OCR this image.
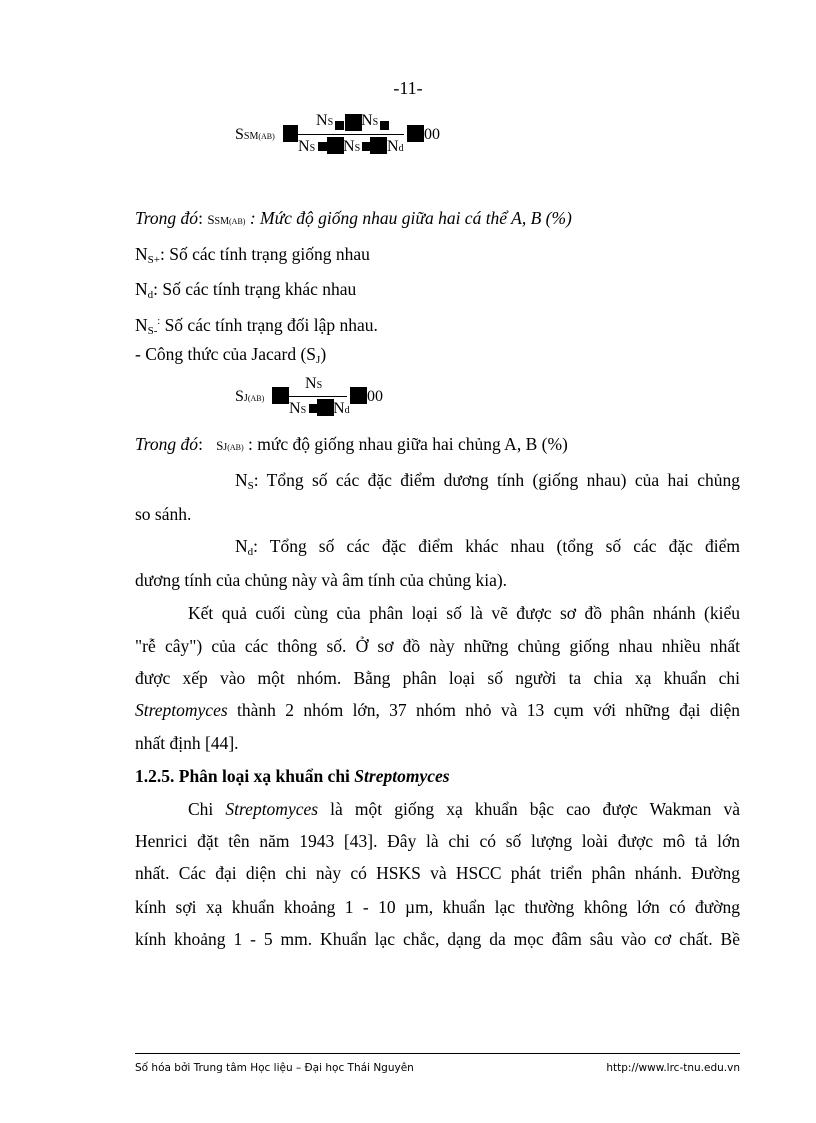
-11-
SSM(AB)
NS NS
NS NS Nd
00
Trong đó: SSM(AB) : Mức độ giống nhau giữa hai cá thể A, B (%)
$N_{S+}$: Số các tính trạng giống nhau
$N_d$: Số các tính trạng khác nhau
$N_{S-}^:$ Số các tính trạng đối lập nhau.
- Công thức của Jacard $(S_J)$
SJ(AB)
NS
NS Nd
00
Trong đó: SJ(AB) : mức độ giống nhau giữa hai chủng A, B (%)
$N_S$: Tổng số các đặc điểm dương tính (giống nhau) của hai chủng
so sánh.
$N_d$: Tổng số các đặc điểm khác nhau (tổng số các đặc điểm
dương tính của chủng này và âm tính của chủng kia).
Kết quả cuối cùng của phân loại số là vẽ được sơ đồ phân nhánh (kiểu
"rễ cây") của các thông số. Ở sơ đồ này những chủng giống nhau nhiều nhất
được xếp vào một nhóm. Bằng phân loại số người ta chia xạ khuẩn chi
Streptomyces thành 2 nhóm lớn, 37 nhóm nhỏ và 13 cụm với những đại diện
nhất định [44].
1.2.5. Phân loại xạ khuẩn chi Streptomyces
Chi Streptomyces là một giống xạ khuẩn bậc cao được Wakman và
Henrici đặt tên năm 1943 [43]. Đây là chi có số lượng loài được mô tả lớn
nhất. Các đại diện chi này có HSKS và HSCC phát triển phân nhánh. Đường
kính sợi xạ khuẩn khoảng 1 - 10 µm, khuẩn lạc thường không lớn có đường
kính khoảng 1 - 5 mm. Khuẩn lạc chắc, dạng da mọc đâm sâu vào cơ chất. Bề
Số hóa bởi Trung tâm Học liệu – Đại học Thái Nguyên	http://www.lrc-tnu.edu.vn
